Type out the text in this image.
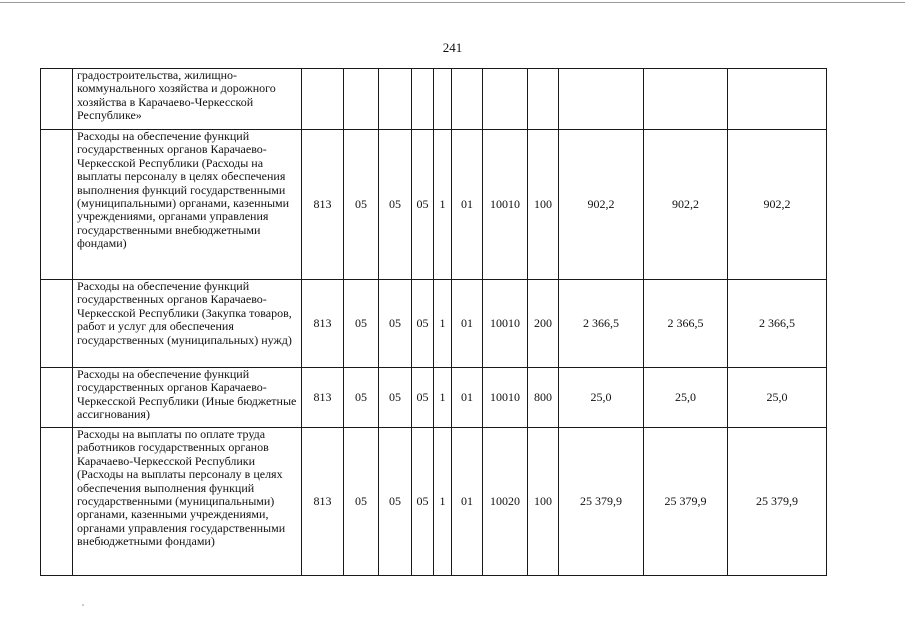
241
	градостроительства, жилищно-коммунального хозяйства и дорожного хозяйства в Карачаево-Черкесской Республике»											
	Расходы на обеспечение функций государственных органов Карачаево-Черкесской Республики (Расходы на выплаты персоналу в целях обеспечения выполнения функций государственными (муниципальными) органами, казенными учреждениями, органами управления государственными внебюджетными фондами)	813	05	05	05	1	01	10010	100	902,2	902,2	902,2
	Расходы на обеспечение функций государственных органов Карачаево-Черкесской Республики (Закупка товаров, работ и услуг для обеспечения государственных (муниципальных) нужд)	813	05	05	05	1	01	10010	200	2 366,5	2 366,5	2 366,5
	Расходы на обеспечение функций государственных органов Карачаево-Черкесской Республики (Иные бюджетные ассигнования)	813	05	05	05	1	01	10010	800	25,0	25,0	25,0
	Расходы на выплаты по оплате труда работников государственных органов Карачаево-Черкесской Республики (Расходы на выплаты персоналу в целях обеспечения выполнения функций государственными (муниципальными) органами, казенными учреждениями, органами управления государственными внебюджетными фондами)	813	05	05	05	1	01	10020	100	25 379,9	25 379,9	25 379,9
